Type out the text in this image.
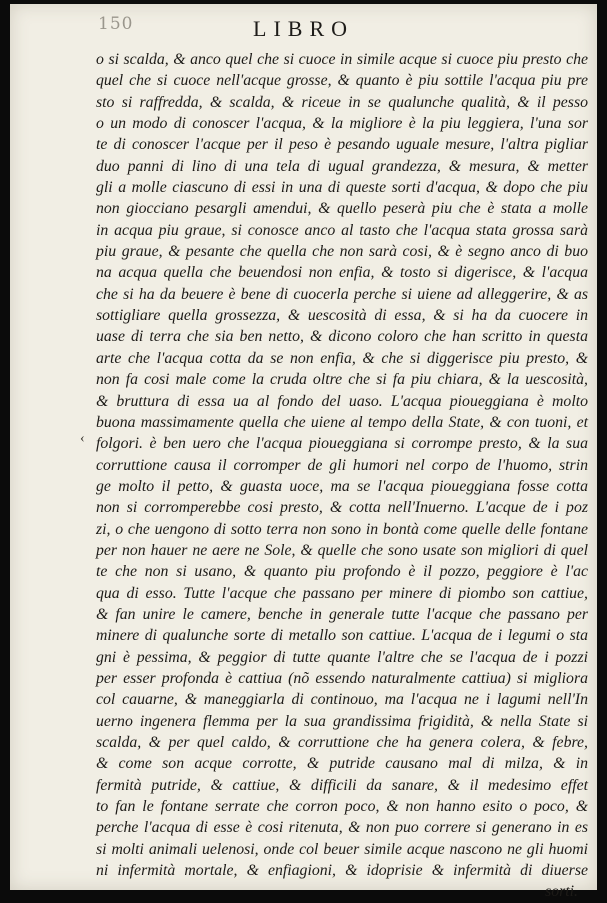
150	LIBRO
‹
o si scalda, & anco quel che si cuoce in simile acque si cuoce piu presto che
quel che si cuoce nell'acque grosse, & quanto è piu sottile l'acqua piu pre
sto si raffredda, & scalda, & riceue in se qualunche qualità, & il pesso
o un modo di conoscer l'acqua, & la migliore è la piu leggiera, l'una sor
te di conoscer l'acque per il peso è pesando uguale mesure, l'altra pigliar
duo panni di lino di una tela di ugual grandezza, & mesura, & metter
gli a molle ciascuno di essi in una di queste sorti d'acqua, & dopo che piu
non giocciano pesargli amendui, & quello peserà piu che è stata a molle
in acqua piu graue, si conosce anco al tasto che l'acqua stata grossa sarà
piu graue, & pesante che quella che non sarà cosi, & è segno anco di buo
na acqua quella che beuendosi non enfia, & tosto si digerisce, & l'acqua
che si ha da beuere è bene di cuocerla perche si uiene ad alleggerire, & as
sottigliare quella grossezza, & uescosità di essa, & si ha da cuocere in
uase di terra che sia ben netto, & dicono coloro che han scritto in questa
arte che l'acqua cotta da se non enfia, & che si diggerisce piu presto, &
non fa cosi male come la cruda oltre che si fa piu chiara, & la uescosità,
& bruttura di essa ua al fondo del uaso. L'acqua pioueggiana è molto
buona massimamente quella che uiene al tempo della State, & con tuoni, et
folgori. è ben uero che l'acqua pioueggiana si corrompe presto, & la sua
corruttione causa il corromper de gli humori nel corpo de l'huomo, strin
ge molto il petto, & guasta uoce, ma se l'acqua pioueggiana fosse cotta
non si corromperebbe cosi presto, & cotta nell'Inuerno. L'acque de i poz
zi, o che uengono di sotto terra non sono in bontà come quelle delle fontane
per non hauer ne aere ne Sole, & quelle che sono usate son migliori di quel
te che non si usano, & quanto piu profondo è il pozzo, peggiore è l'ac
qua di esso. Tutte l'acque che passano per minere di piombo son cattiue,
& fan unire le camere, benche in generale tutte l'acque che passano per
minere di qualunche sorte di metallo son cattiue. L'acqua de i legumi o sta
gni è pessima, & peggior di tutte quante l'altre che se l'acqua de i pozzi
per esser profonda è cattiua (nõ essendo naturalmente cattiua) si migliora
col cauarne, & maneggiarla di continouo, ma l'acqua ne i lagumi nell'In
uerno ingenera flemma per la sua grandissima frigidità, & nella State si
scalda, & per quel caldo, & corruttione che ha genera colera, & febre,
& come son acque corrotte, & putride causano mal di milza, & in
fermità putride, & cattiue, & difficili da sanare, & il medesimo effet
to fan le fontane serrate che corron poco, & non hanno esito o poco, &
perche l'acqua di esse è cosi ritenuta, & non puo correre si generano in es
si molti animali uelenosi, onde col beuer simile acque nascono ne gli huomi
ni infermità mortale, & enfiagioni, & idoprisie & infermità di diuerse
sorti.
